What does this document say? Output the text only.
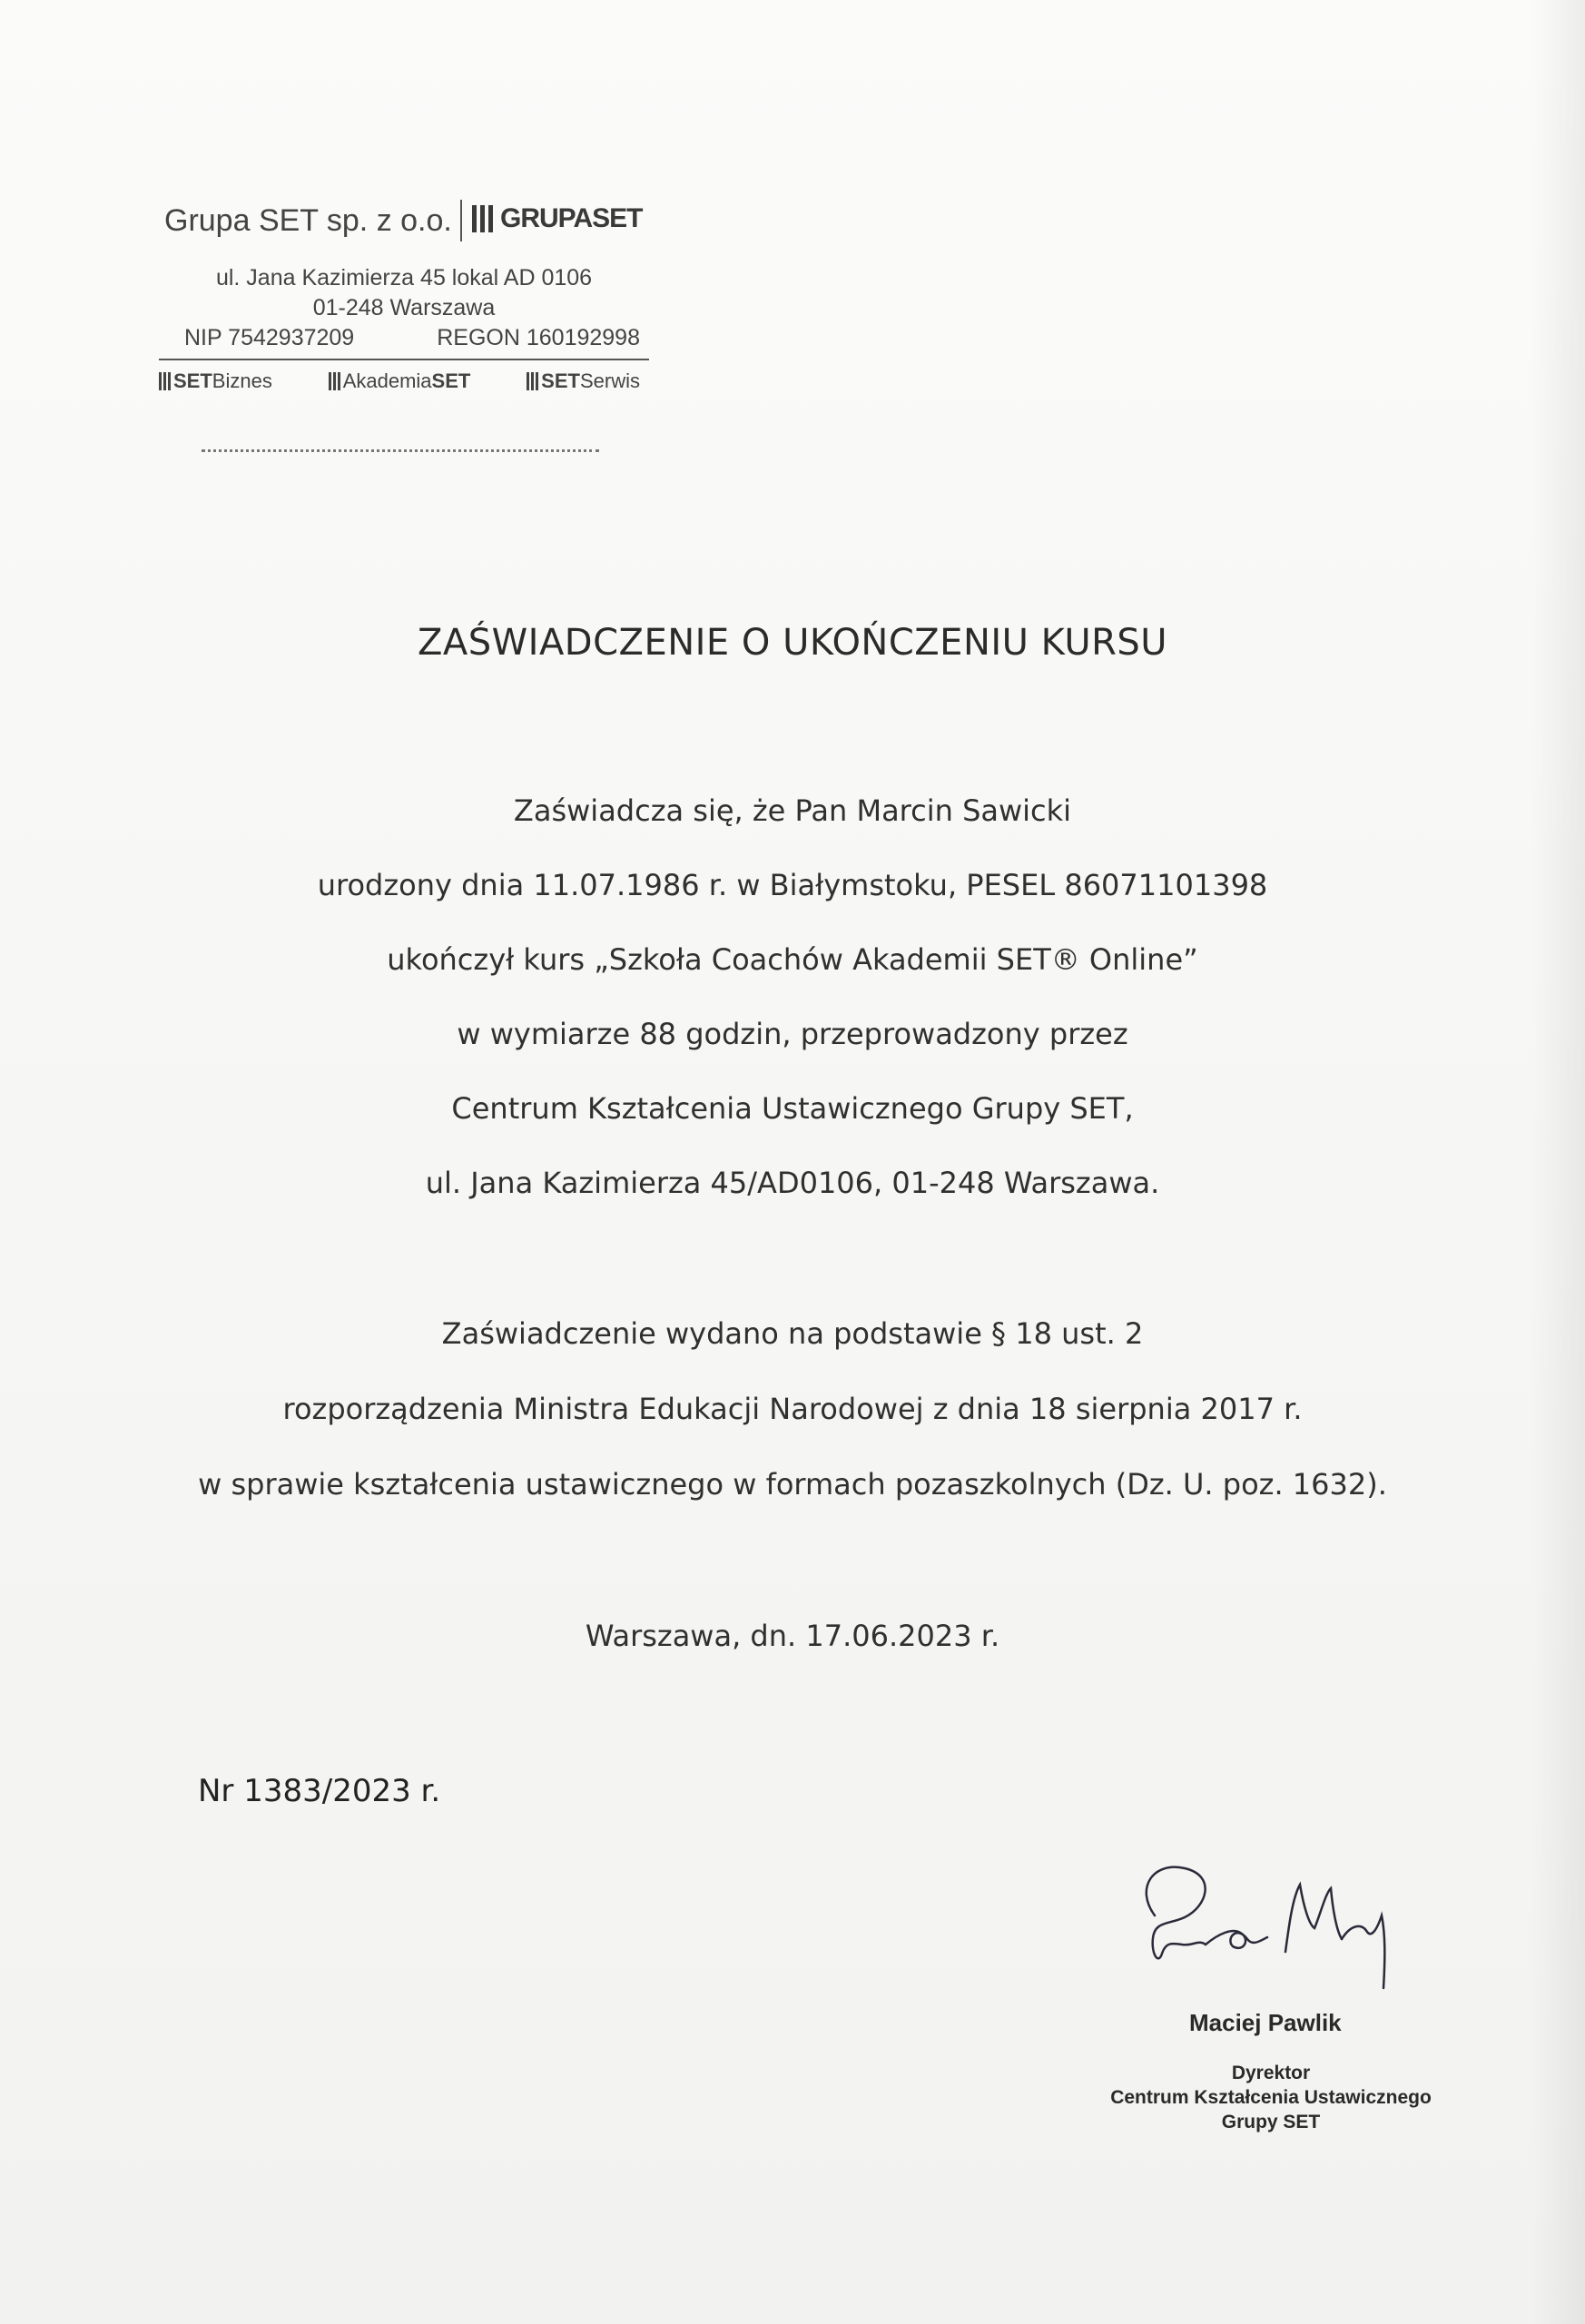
Grupa SET sp. z o.o. GRUPASET
ul. Jana Kazimierza 45 lokal AD 0106
01-248 Warszawa
NIP 7542937209	REGON 160192998
SET Biznes	Akademia SET	SET Serwis
ZAŚWIADCZENIE O UKOŃCZENIU KURSU
Zaświadcza się, że Pan Marcin Sawicki
urodzony dnia 11.07.1986 r. w Białymstoku, PESEL 86071101398
ukończył kurs „Szkoła Coachów Akademii SET® Online”
w wymiarze 88 godzin, przeprowadzony przez
Centrum Kształcenia Ustawicznego Grupy SET,
ul. Jana Kazimierza 45/AD0106, 01-248 Warszawa.
Zaświadczenie wydano na podstawie § 18 ust. 2
rozporządzenia Ministra Edukacji Narodowej z dnia 18 sierpnia 2017 r.
w sprawie kształcenia ustawicznego w formach pozaszkolnych (Dz. U. poz. 1632).
Warszawa, dn. 17.06.2023 r.
Nr 1383/2023 r.
Maciej Pawlik
Dyrektor
Centrum Kształcenia Ustawicznego
Grupy SET
